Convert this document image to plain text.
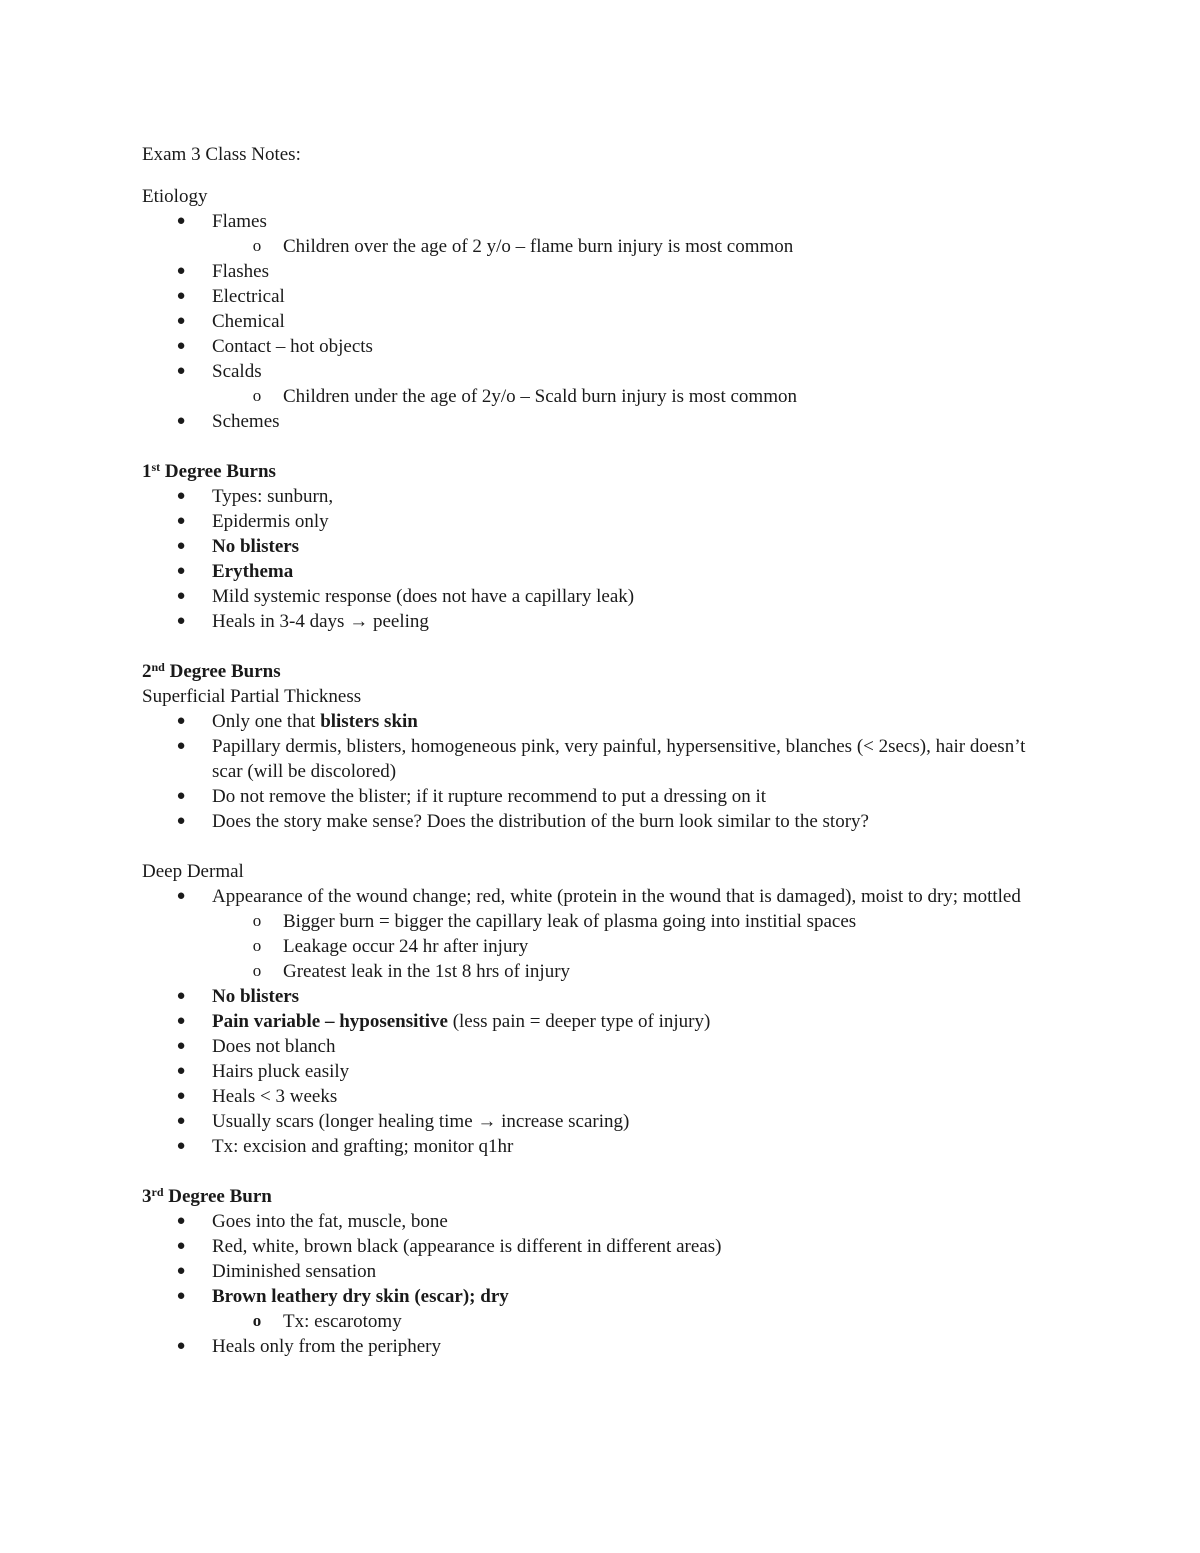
Exam 3 Class Notes:
Etiology
● Flames
o Children over the age of 2 y/o – flame burn injury is most common
● Flashes
● Electrical
● Chemical
● Contact – hot objects
● Scalds
o Children under the age of 2y/o – Scald burn injury is most common
● Schemes
1st Degree Burns
● Types: sunburn,
● Epidermis only
● No blisters
● Erythema
● Mild systemic response (does not have a capillary leak)
● Heals in 3-4 days → peeling
2nd Degree Burns
Superficial Partial Thickness
● Only one that blisters skin
● Papillary dermis, blisters, homogeneous pink, very painful, hypersensitive, blanches (< 2secs), hair doesn’t scar (will be discolored)
● Do not remove the blister; if it rupture recommend to put a dressing on it
● Does the story make sense? Does the distribution of the burn look similar to the story?
Deep Dermal
● Appearance of the wound change; red, white (protein in the wound that is damaged), moist to dry; mottled
o Bigger burn = bigger the capillary leak of plasma going into institial spaces
o Leakage occur 24 hr after injury
o Greatest leak in the 1st 8 hrs of injury
● No blisters
● Pain variable – hyposensitive (less pain = deeper type of injury)
● Does not blanch
● Hairs pluck easily
● Heals < 3 weeks
● Usually scars (longer healing time → increase scaring)
● Tx: excision and grafting; monitor q1hr
3rd Degree Burn
● Goes into the fat, muscle, bone
● Red, white, brown black (appearance is different in different areas)
● Diminished sensation
● Brown leathery dry skin (escar); dry
o Tx: escarotomy
● Heals only from the periphery
